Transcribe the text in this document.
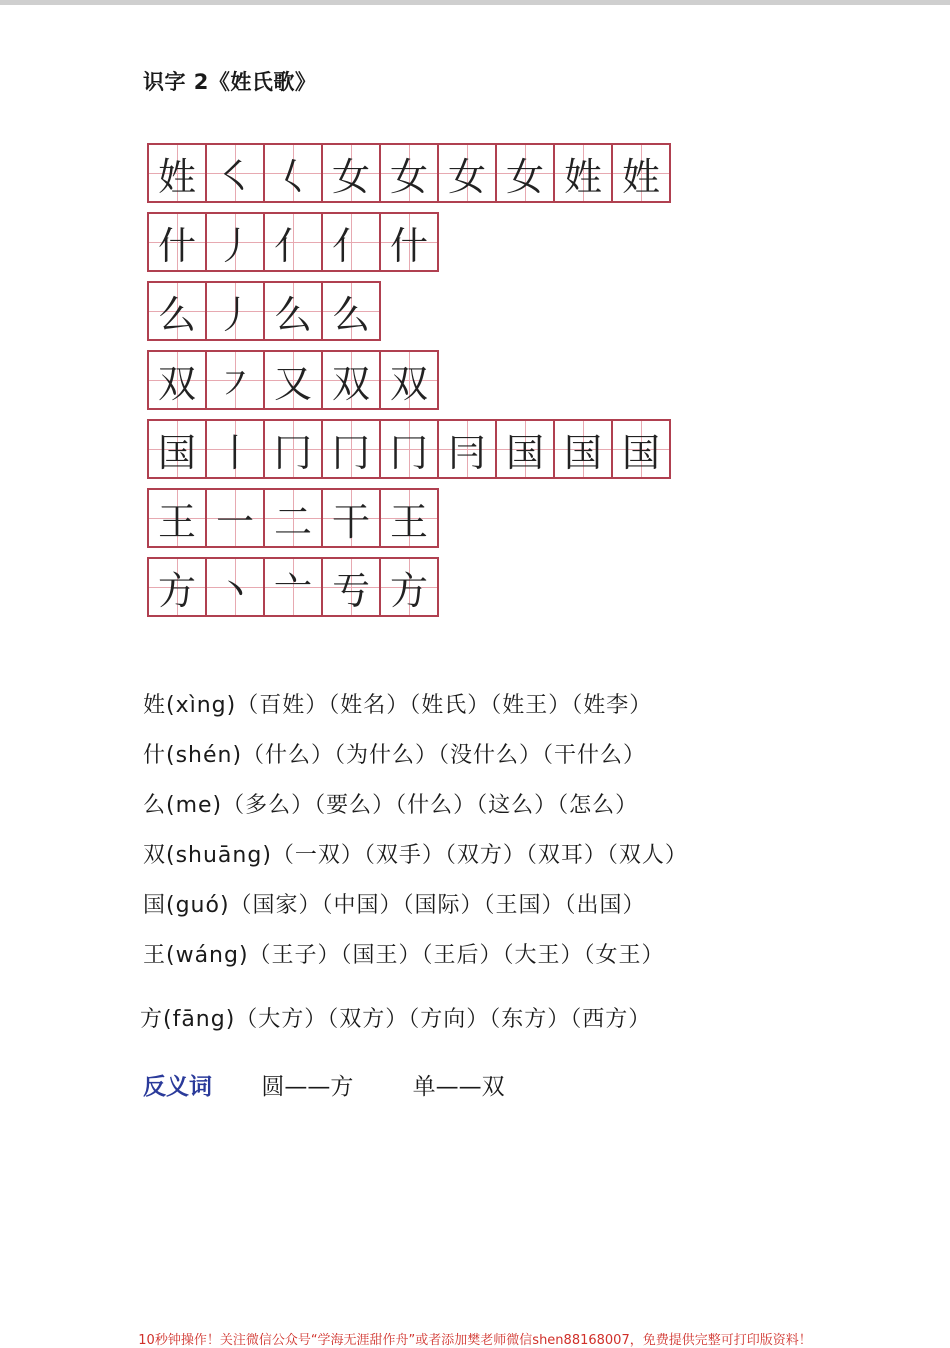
识字 2《姓氏歌》
姓 ㇛ 𡿨 女 女 女 女 姓 姓
什 丿 亻 亻 什
么 丿 么 么
双 ㇇ 又 双 双
国 丨 冂 冂 冂 冃 国 国 国
王 一 二 干 王
方 丶 亠 亐 方
姓(xìng)（百姓）（姓名）（姓氏）（姓王）（姓李）
什(shén)（什么）（为什么）（没什么）（干什么）
么(me)（多么）（要么）（什么）（这么）（怎么）
双(shuāng)（一双）（双手）（双方）（双耳）（双人）
国(guó)（国家）（中国）（国际）（王国）（出国）
王(wáng)（王子）（国王）（王后）（大王）（女王）
方(fāng)（大方）（双方）（方向）（东方）（西方）
反义词 圆——方	单——双
10秒钟操作！关注微信公众号“学海无涯甜作舟”或者添加樊老师微信shen88168007，免费提供完整可打印版资料！
